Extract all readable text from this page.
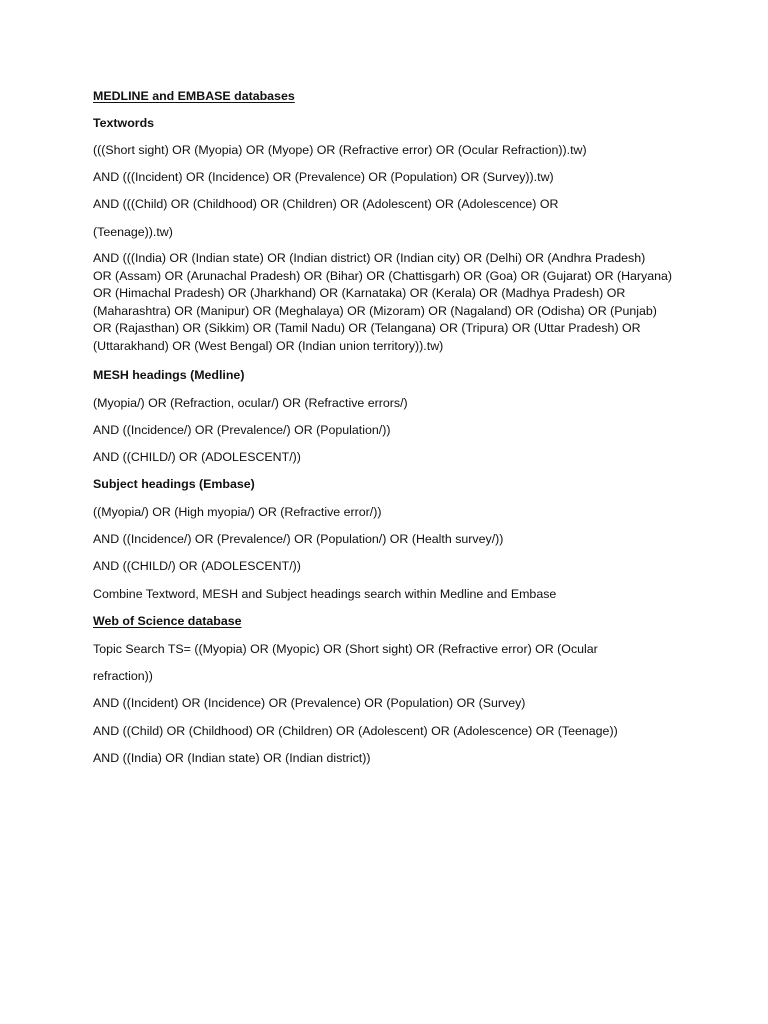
MEDLINE and EMBASE databases
Textwords
(((Short sight) OR (Myopia) OR (Myope) OR (Refractive error) OR (Ocular Refraction)).tw)
AND (((Incident) OR (Incidence) OR (Prevalence) OR (Population) OR (Survey)).tw)
AND (((Child) OR (Childhood) OR (Children) OR (Adolescent) OR (Adolescence) OR
(Teenage)).tw)
AND (((India) OR (Indian state) OR (Indian district) OR (Indian city) OR (Delhi) OR (Andhra Pradesh)
OR (Assam) OR (Arunachal Pradesh) OR (Bihar) OR (Chattisgarh) OR (Goa) OR (Gujarat) OR (Haryana)
OR (Himachal Pradesh) OR (Jharkhand) OR (Karnataka) OR (Kerala) OR (Madhya Pradesh) OR
(Maharashtra) OR (Manipur) OR (Meghalaya) OR (Mizoram) OR (Nagaland) OR (Odisha) OR (Punjab)
OR (Rajasthan) OR (Sikkim) OR (Tamil Nadu) OR (Telangana) OR (Tripura) OR (Uttar Pradesh) OR
(Uttarakhand) OR (West Bengal) OR (Indian union territory)).tw)
MESH headings (Medline)
(Myopia/) OR (Refraction, ocular/) OR (Refractive errors/)
AND ((Incidence/) OR (Prevalence/) OR (Population/))
AND ((CHILD/) OR (ADOLESCENT/))
Subject headings (Embase)
((Myopia/) OR (High myopia/) OR (Refractive error/))
AND ((Incidence/) OR (Prevalence/) OR (Population/) OR (Health survey/))
AND ((CHILD/) OR (ADOLESCENT/))
Combine Textword, MESH and Subject headings search within Medline and Embase
Web of Science database
Topic Search TS= ((Myopia) OR (Myopic) OR (Short sight) OR (Refractive error) OR (Ocular
refraction))
AND ((Incident) OR (Incidence) OR (Prevalence) OR (Population) OR (Survey)
AND ((Child) OR (Childhood) OR (Children) OR (Adolescent) OR (Adolescence) OR (Teenage))
AND ((India) OR (Indian state) OR (Indian district))
